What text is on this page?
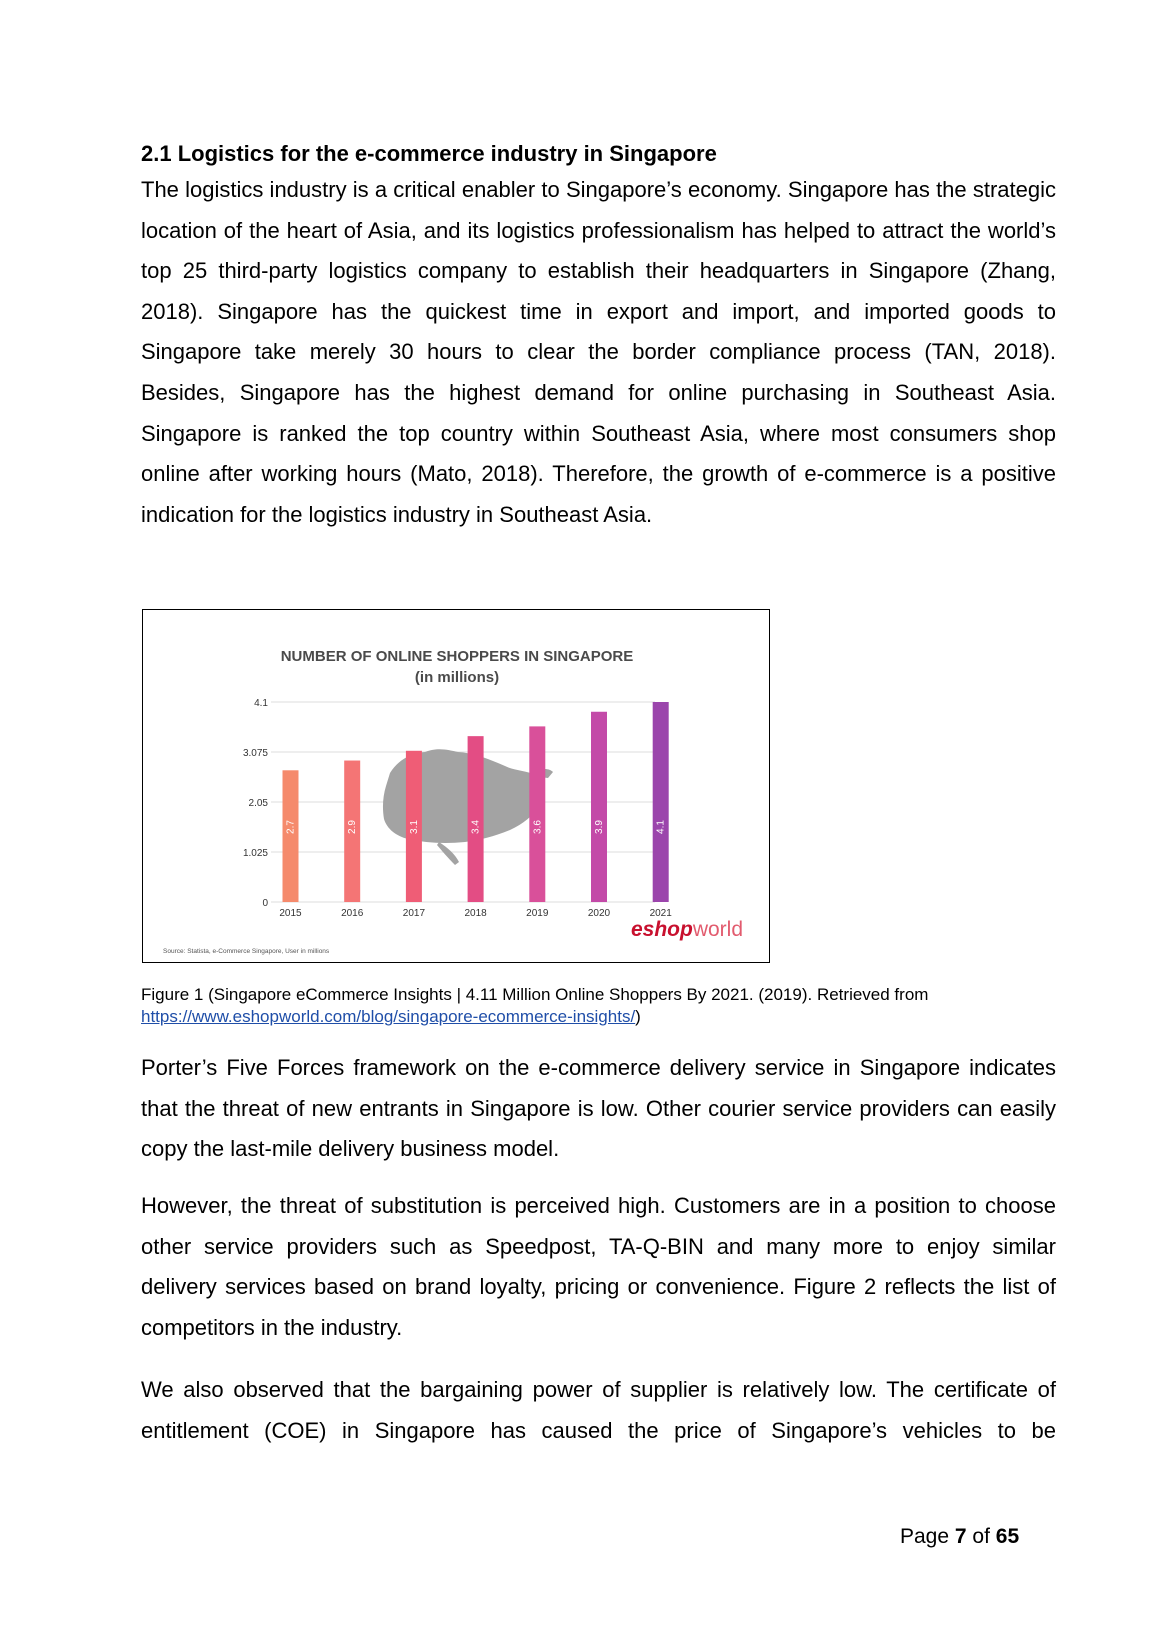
2.1 Logistics for the e-commerce industry in Singapore

The logistics industry is a critical enabler to Singapore’s economy. Singapore has the strategic location of the heart of Asia, and its logistics professionalism has helped to attract the world’s top 25 third-party logistics company to establish their headquarters in Singapore (Zhang, 2018). Singapore has the quickest time in export and import, and imported goods to Singapore take merely 30 hours to clear the border compliance process (TAN, 2018). Besides, Singapore has the highest demand for online purchasing in Southeast Asia. Singapore is ranked the top country within Southeast Asia, where most consumers shop online after working hours (Mato, 2018). Therefore, the growth of e-commerce is a positive indication for the logistics industry in Southeast Asia.

NUMBER OF ONLINE SHOPPERS IN SINGAPORE
(in millions)
0
1.025
2.05
3.075
4.1
2.7	2.9	3.1	3.4	3.6	3.9	4.1
2015	2016	2017	2018	2019	2020	2021
Source: Statista, e-Commerce Singapore, User in millions
eshopworld

Figure 1 (Singapore eCommerce Insights | 4.11 Million Online Shoppers By 2021. (2019). Retrieved from https://www.eshopworld.com/blog/singapore-ecommerce-insights/)

Porter’s Five Forces framework on the e-commerce delivery service in Singapore indicates that the threat of new entrants in Singapore is low. Other courier service providers can easily copy the last-mile delivery business model.

However, the threat of substitution is perceived high. Customers are in a position to choose other service providers such as Speedpost, TA-Q-BIN and many more to enjoy similar delivery services based on brand loyalty, pricing or convenience. Figure 2 reflects the list of competitors in the industry.

We also observed that the bargaining power of supplier is relatively low. The certificate of entitlement (COE) in Singapore has caused the price of Singapore’s vehicles to be

Page 7 of 65
